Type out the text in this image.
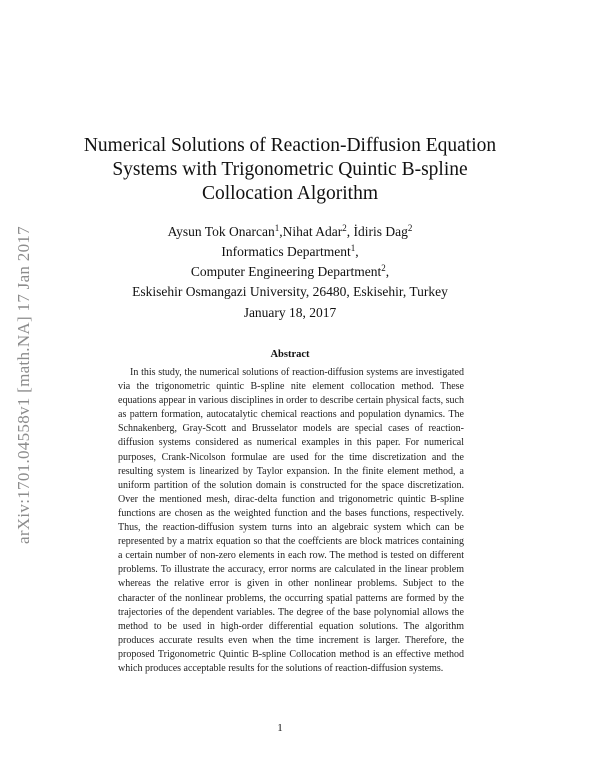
arXiv:1701.04558v1 [math.NA] 17 Jan 2017
Numerical Solutions of Reaction-Diffusion Equation
Systems with Trigonometric Quintic B-spline
Collocation Algorithm
Aysun Tok Onarcan$^1$,Nihat Adar$^2$, İdiris Dag$^2$
Informatics Department$^1$,
Computer Engineering Department$^2$,
Eskisehir Osmangazi University, 26480, Eskisehir, Turkey
January 18, 2017
Abstract
In this study, the numerical solutions of reaction-diffusion systems are investigated via the trigonometric quintic B-spline nite element collocation method. These equations appear in various disciplines in order to describe certain physical facts, such as pattern formation, autocatalytic chemical reactions and population dynamics. The Schnakenberg, Gray-Scott and Brusselator models are special cases of reaction-diffusion systems considered as numerical examples in this paper. For numerical purposes, Crank-Nicolson formulae are used for the time discretization and the resulting system is linearized by Taylor expansion. In the finite element method, a uniform partition of the solution domain is constructed for the space discretization. Over the mentioned mesh, dirac-delta function and trigonometric quintic B-spline functions are chosen as the weighted function and the bases functions, respectively. Thus, the reaction-diffusion system turns into an algebraic system which can be represented by a matrix equation so that the coeffcients are block matrices containing a certain number of non-zero elements in each row. The method is tested on different problems. To illustrate the accuracy, error norms are calculated in the linear problem whereas the relative error is given in other nonlinear problems. Subject to the character of the nonlinear problems, the occurring spatial patterns are formed by the trajectories of the dependent variables. The degree of the base polynomial allows the method to be used in high-order differential equation solutions. The algorithm produces accurate results even when the time increment is larger. Therefore, the proposed Trigonometric Quintic B-spline Collocation method is an effective method which produces acceptable results for the solutions of reaction-diffusion systems.
1
